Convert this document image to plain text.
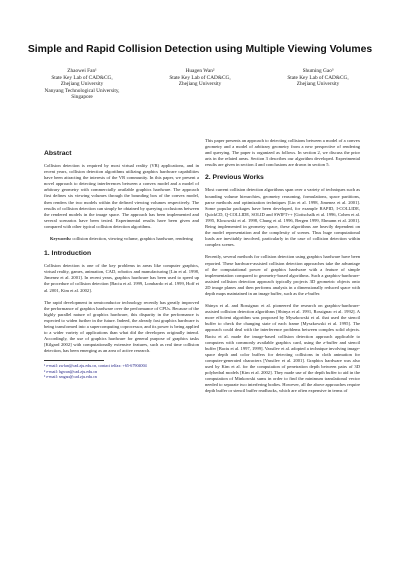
Simple and Rapid Collision Detection using Multiple Viewing Volumes
Zhaowei Fan¹
State Key Lab of CAD&CG,
Zhejiang University
Nanyang Technological University,
Singapore
Huagen Wan²
State Key Lab of CAD&CG,
Zhejiang University
Shuming Gao³
State Key Lab of CAD&CG,
Zhejiang University
Abstract

Collision detection is required by most virtual reality (VR) applications, and in recent years, collision detection algorithms utilizing graphics hardware capabilities have been attracting the interests of the VR community. In this paper, we present a novel approach to detecting interferences between a convex model and a model of arbitrary geometry with commercially available graphics hardware. The approach first defines six viewing volumes through the bounding box of the convex model, then renders the two models within the defined viewing volumes respectively. The results of collision detection can simply be obtained by querying occlusions between the rendered models in the image space. The approach has been implemented and several scenarios have been tested. Experimental results have been given and compared with other typical collision detection algorithms.

Keywords: collision detection, viewing volume, graphics hardware, rendering

1. Introduction

Collision detection is one of the key problems in areas like computer graphics, virtual reality, games, animation, CAD, robotics and manufacturing [Lin et al. 1998, Jimenez et al. 2001]. In recent years, graphics hardware has been used to speed up the procedure of collision detection [Baciu et al. 1999, Lombardo et al. 1999, Hoff et al. 2001, Kim et al. 2002].

The rapid development in semiconductor technology recently has greatly improved the performance of graphics hardware over the performance of CPUs. Because of the highly parallel nature of graphics hardware, this disparity in the performance is expected to widen further in the future. Indeed, the already fast graphics hardware is being transformed into a supercomputing coprocessor, and its power is being applied to a wider variety of applications than what did the developers originally intend. Accordingly, the use of graphics hardware for general purpose of graphics tasks [Kilgard 2002] with computationally extensive features, such as real time collision detection, has been emerging as an area of active research.

¹ e-mail: zwfan@cad.zju.edu.cn, contact telfax: +65-67904004
² e-mail: hgwan@cad.zju.edu.cn
³ e-mail: smgao@cad.zju.edu.cn

This paper presents an approach to detecting collisions between a model of a convex geometry and a model of arbitrary geometry from a new perspective of rendering and querying. The paper is organized as follows. In section 2, we discuss the prior arts in the related areas. Section 3 describes our algorithm developed. Experimental results are given in section 4 and conclusions are drawn in section 5.

2. Previous Works

Most current collision detection algorithms span over a variety of techniques such as bounding volume hierarchies, geometry reasoning, formulations, space partitions, parse methods and optimization techniques [Lin et al. 1998, Jimenez et al. 2001]. Some popular packages have been developed, for example RAPID, I-COLLIDE, QuickCD, Q-COLLIDE, SOLID and SWIFT++ [Gottschalk et al. 1996, Cohen et al. 1995, Klosowski et al. 1998, Chung et al. 1996, Bergen 1999, Ehmann et al. 2001]. Being implemented in geometry space, these algorithms are heavily dependent on the model representation and the complexity of scenes. Thus huge computational loads are inevitably involved, particularly in the case of collision detection within complex scenes.

Recently, several methods for collision detection using graphics hardware have been reported. These hardware-assisted collision detection approaches take the advantage of the computational power of graphics hardware with a feature of simple implementation compared to geometry-based algorithms. Such a graphics-hardware-assisted collision detection approach typically projects 3D geometric objects onto 2D image planes and then performs analysis in a dimensionally reduced space with depth maps maintained in an image buffer, such as the z-buffer.

Shinya et al. and Rossignac et al. pioneered the research on graphics-hardware-assisted collision detection algorithms [Shinya et al. 1991, Rossignac et al. 1992]. A more efficient algorithm was proposed by Myszkowski et al. that used the stencil buffer to check the changing state of each frame [Myszkowski et al. 1995]. The approach could deal with the interference problems between complex solid objects. Baciu et al. made the image-based collision detection approach applicable to computers with commonly available graphics card, using the z-buffer and stencil buffer [Baciu et al. 1997, 1999]. Vassilev et al. adopted a technique involving image-space depth and color buffers for detecting collisions in cloth animation for computer-generated characters [Vassilev et al. 2001]. Graphics hardware was also used by Kim et al. for the computation of penetration depth between pairs of 3D polyhedral models [Kim et al. 2002]. They made use of the depth buffer to aid in the computation of Minkowski sums in order to find the minimum translational vector needed to separate two interfering bodies. However, all the above approaches require depth buffer or stencil buffer readbacks, which are often expensive in terms of
